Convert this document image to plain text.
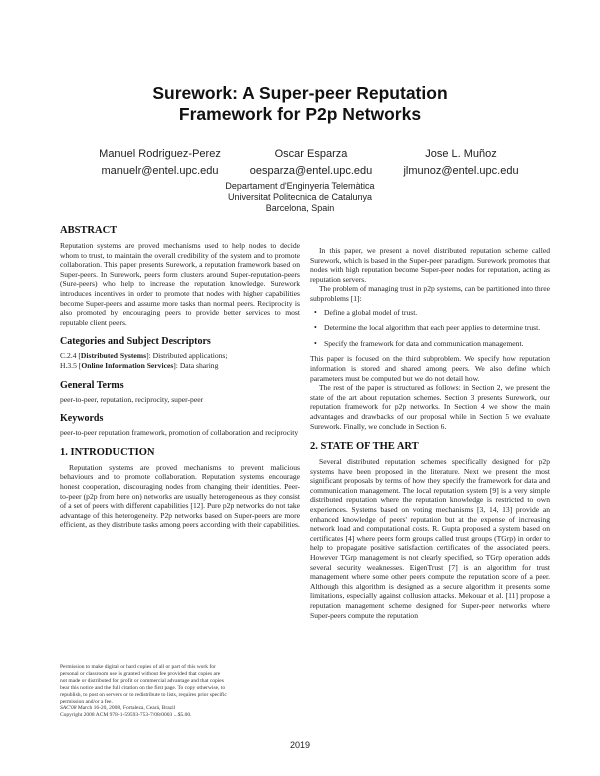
Surework: A Super-peer Reputation
Framework for P2p Networks
Manuel Rodriguez-Perez
manuelr@entel.upc.edu
Oscar Esparza
oesparza@entel.upc.edu
Jose L. Muñoz
jlmunoz@entel.upc.edu
Departament d'Enginyeria Telemàtica
Universitat Politecnica de Catalunya
Barcelona, Spain
ABSTRACT

Reputation systems are proved mechanisms used to help nodes to decide whom to trust, to maintain the overall credibility of the system and to promote collaboration. This paper presents Surework, a reputation framework based on Super-peers. In Surework, peers form clusters around Super-reputation-peers (Sure-peers) who help to increase the reputation knowledge. Surework introduces incentives in order to promote that nodes with higher capabilities become Super-peers and assume more tasks than normal peers. Reciprocity is also promoted by encouraging peers to provide better services to most reputable client peers.

Categories and Subject Descriptors

C.2.4 [Distributed Systems]: Distributed applications;

H.3.5 [Online Information Services]: Data sharing

General Terms

peer-to-peer, reputation, reciprocity, super-peer

Keywords

peer-to-peer reputation framework, promotion of collaboration and reciprocity

1. INTRODUCTION

Reputation systems are proved mechanisms to prevent malicious behaviours and to promote collaboration. Reputation systems encourage honest cooperation, discouraging nodes from changing their identities. Peer-to-peer (p2p from here on) networks are usually heterogeneous as they consist of a set of peers with different capabilities [12]. Pure p2p networks do not take advantage of this heterogeneity. P2p networks based on Super-peers are more efficient, as they distribute tasks among peers according with their capabilities.

Permission to make digital or hard copies of all or part of this work for
personal or classroom use is granted without fee provided that copies are
not made or distributed for profit or commercial advantage and that copies
bear this notice and the full citation on the first page. To copy otherwise, to
republish, to post on servers or to redistribute to lists, requires prior specific
permission and/or a fee.
SAC'08 March 16-20, 2008, Fortaleza, Ceará, Brazil
Copyright 2008 ACM 978-1-59593-753-7/08/0003 ...$5.00.

In this paper, we present a novel distributed reputation scheme called Surework, which is based in the Super-peer paradigm. Surework promotes that nodes with high reputation become Super-peer nodes for reputation, acting as reputation servers.

The problem of managing trust in p2p systems, can be partitioned into three subproblems [1]:

• Define a global model of trust.
• Determine the local algorithm that each peer applies to determine trust.
• Specify the framework for data and communication management.

This paper is focused on the third subproblem. We specify how reputation information is stored and shared among peers. We also define which parameters must be computed but we do not detail how.

The rest of the paper is structured as follows: in Section 2, we present the state of the art about reputation schemes. Section 3 presents Surework, our reputation framework for p2p networks. In Section 4 we show the main advantages and drawbacks of our proposal while in Section 5 we evaluate Surework. Finally, we conclude in Section 6.

2. STATE OF THE ART

Several distributed reputation schemes specifically designed for p2p systems have been proposed in the literature. Next we present the most significant proposals by terms of how they specify the framework for data and communication management. The local reputation system [9] is a very simple distributed reputation where the reputation knowledge is restricted to own experiences. Systems based on voting mechanisms [3, 14, 13] provide an enhanced knowledge of peers' reputation but at the expense of increasing network load and computational costs. R. Gupta proposed a system based on certificates [4] where peers form groups called trust groups (TGrp) in order to help to propagate positive satisfaction certificates of the associated peers. However TGrp management is not clearly specified, so TGrp operation adds several security weaknesses. EigenTrust [7] is an algorithm for trust management where some other peers compute the reputation score of a peer. Although this algorithm is designed as a secure algorithm it presents some limitations, especially against collusion attacks. Mekouar et al. [11] propose a reputation management scheme designed for Super-peer networks where Super-peers compute the reputation

2019
